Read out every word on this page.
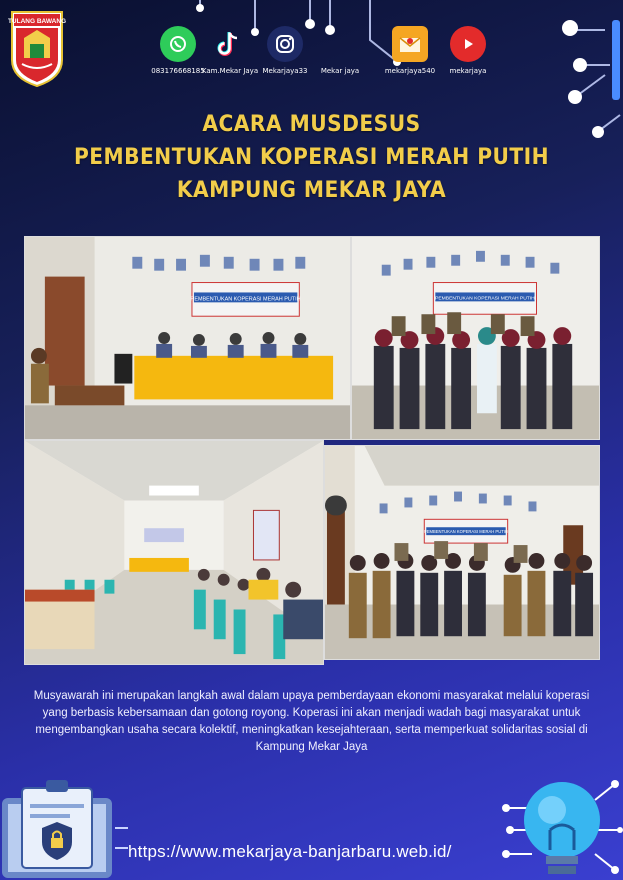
TULANG BAWANG
083176668185
Kam.Mekar Jaya Mekarjaya33	Mekar jaya	mekarjaya540	mekarjaya
ACARA MUSDESUS
PEMBENTUKAN KOPERASI MERAH PUTIH
KAMPUNG MEKAR JAYA
PEMBENTUKAN KOPERASI MERAH PUTIH	PEMBENTUKAN KOPERASI MERAH PUTIH
PEMBENTUKAN KOPERASI MERAH PUTIH

Musyawarah ini merupakan langkah awal dalam upaya pemberdayaan ekonomi masyarakat melalui koperasi yang berbasis kebersamaan dan gotong royong. Koperasi ini akan menjadi wadah bagi masyarakat untuk mengembangkan usaha secara kolektif, meningkatkan kesejahteraan, serta memperkuat solidaritas sosial di Kampung Mekar Jaya

https://www.mekarjaya-banjarbaru.web.id/
